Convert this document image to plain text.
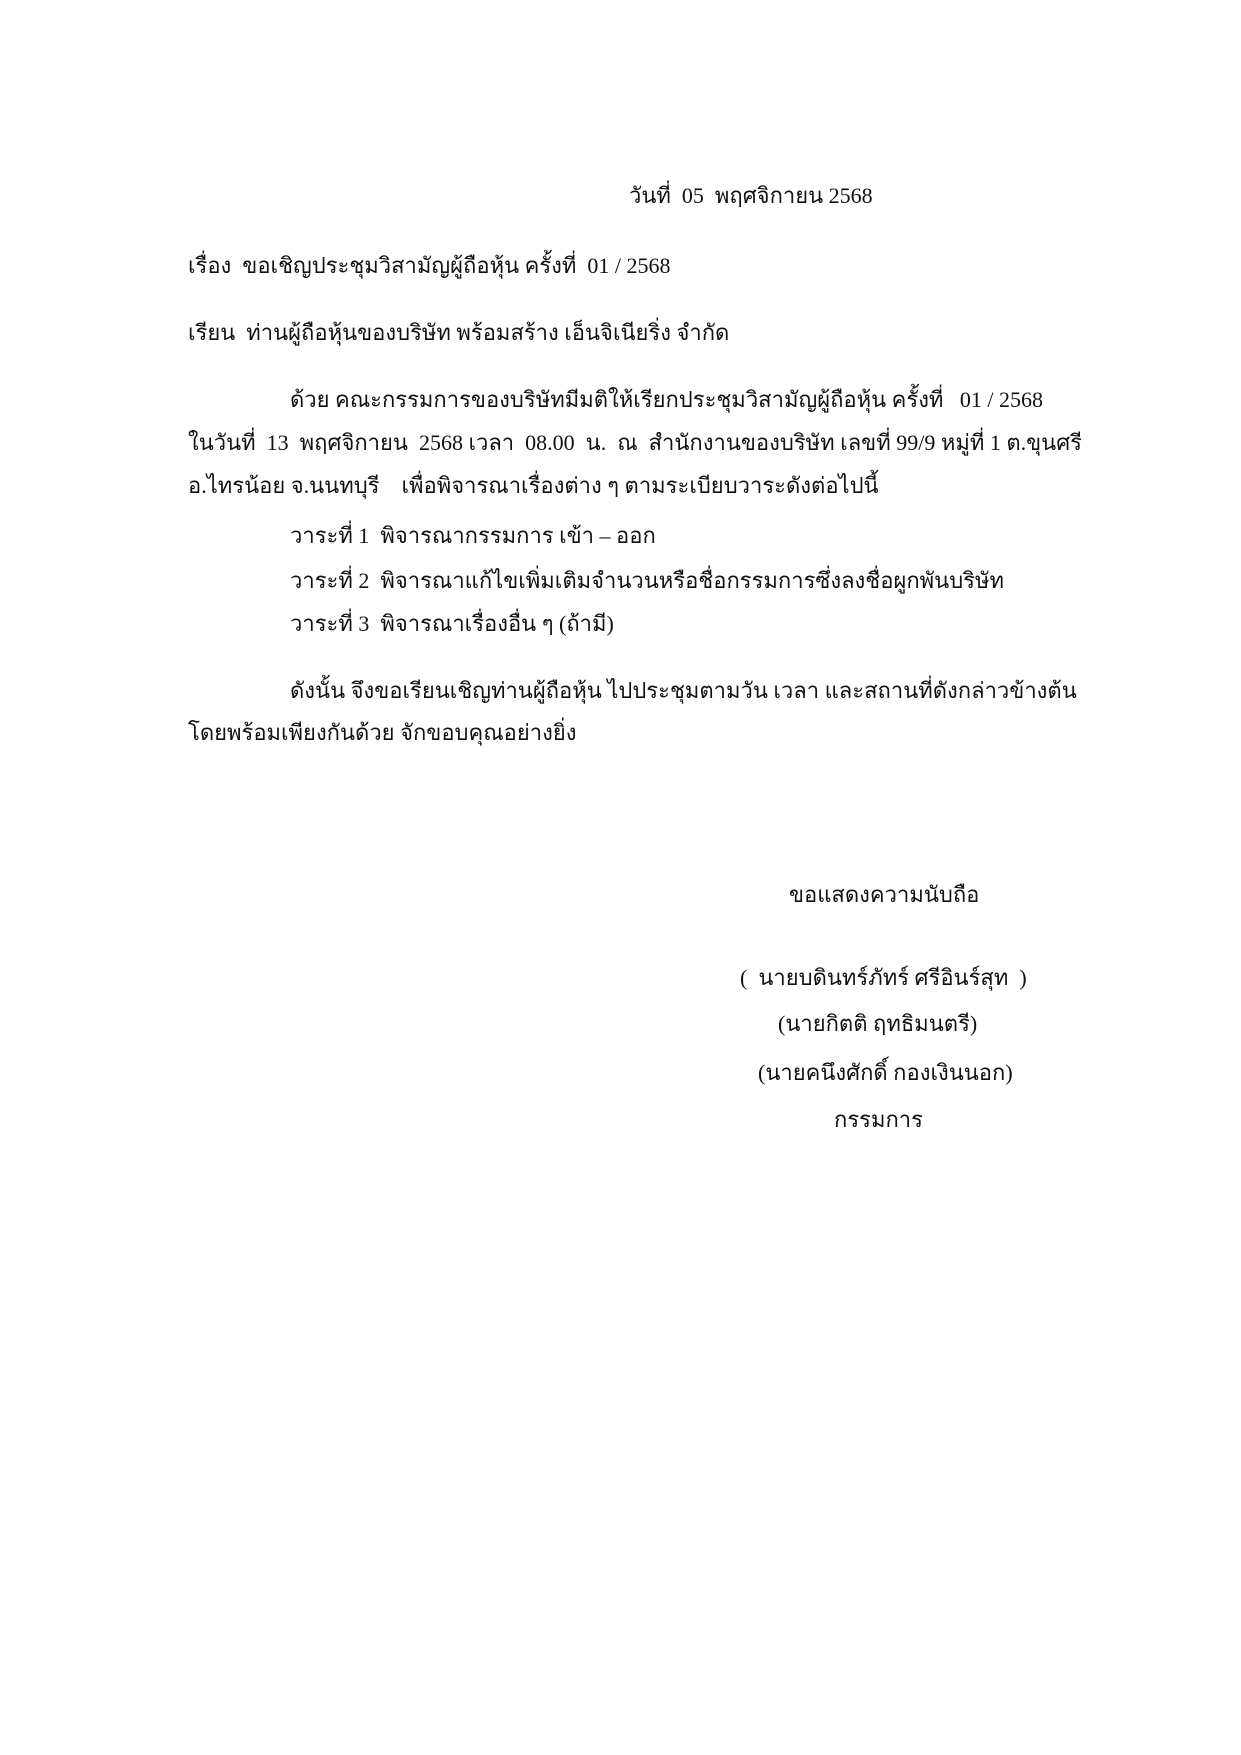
วันที่  05  พฤศจิกายน 2568
เรื่อง  ขอเชิญประชุมวิสามัญผู้ถือหุ้น ครั้งที่  01 / 2568
เรียน  ท่านผู้ถือหุ้นของบริษัท พร้อมสร้าง เอ็นจิเนียริ่ง จำกัด
ด้วย คณะกรรมการของบริษัทมีมติให้เรียกประชุมวิสามัญผู้ถือหุ้น ครั้งที่   01 / 2568
ในวันที่  13  พฤศจิกายน  2568 เวลา  08.00  น.  ณ  สำนักงานของบริษัท เลขที่ 99/9 หมู่ที่ 1 ต.ขุนศรี
อ.ไทรน้อย จ.นนทบุรี    เพื่อพิจารณาเรื่องต่าง ๆ ตามระเบียบวาระดังต่อไปนี้
วาระที่ 1  พิจารณากรรมการ เข้า – ออก
วาระที่ 2  พิจารณาแก้ไขเพิ่มเติมจำนวนหรือชื่อกรรมการซึ่งลงชื่อผูกพันบริษัท
วาระที่ 3  พิจารณาเรื่องอื่น ๆ (ถ้ามี)
ดังนั้น จึงขอเรียนเชิญท่านผู้ถือหุ้น ไปประชุมตามวัน เวลา และสถานที่ดังกล่าวข้างต้น
โดยพร้อมเพียงกันด้วย จักขอบคุณอย่างยิ่ง
ขอแสดงความนับถือ
(  นายบดินทร์ภัทร์ ศรีอินร์สุท  )
(นายกิตติ ฤทธิมนตรี)
(นายคนึงศักดิ์ กองเงินนอก)
กรรมการ
